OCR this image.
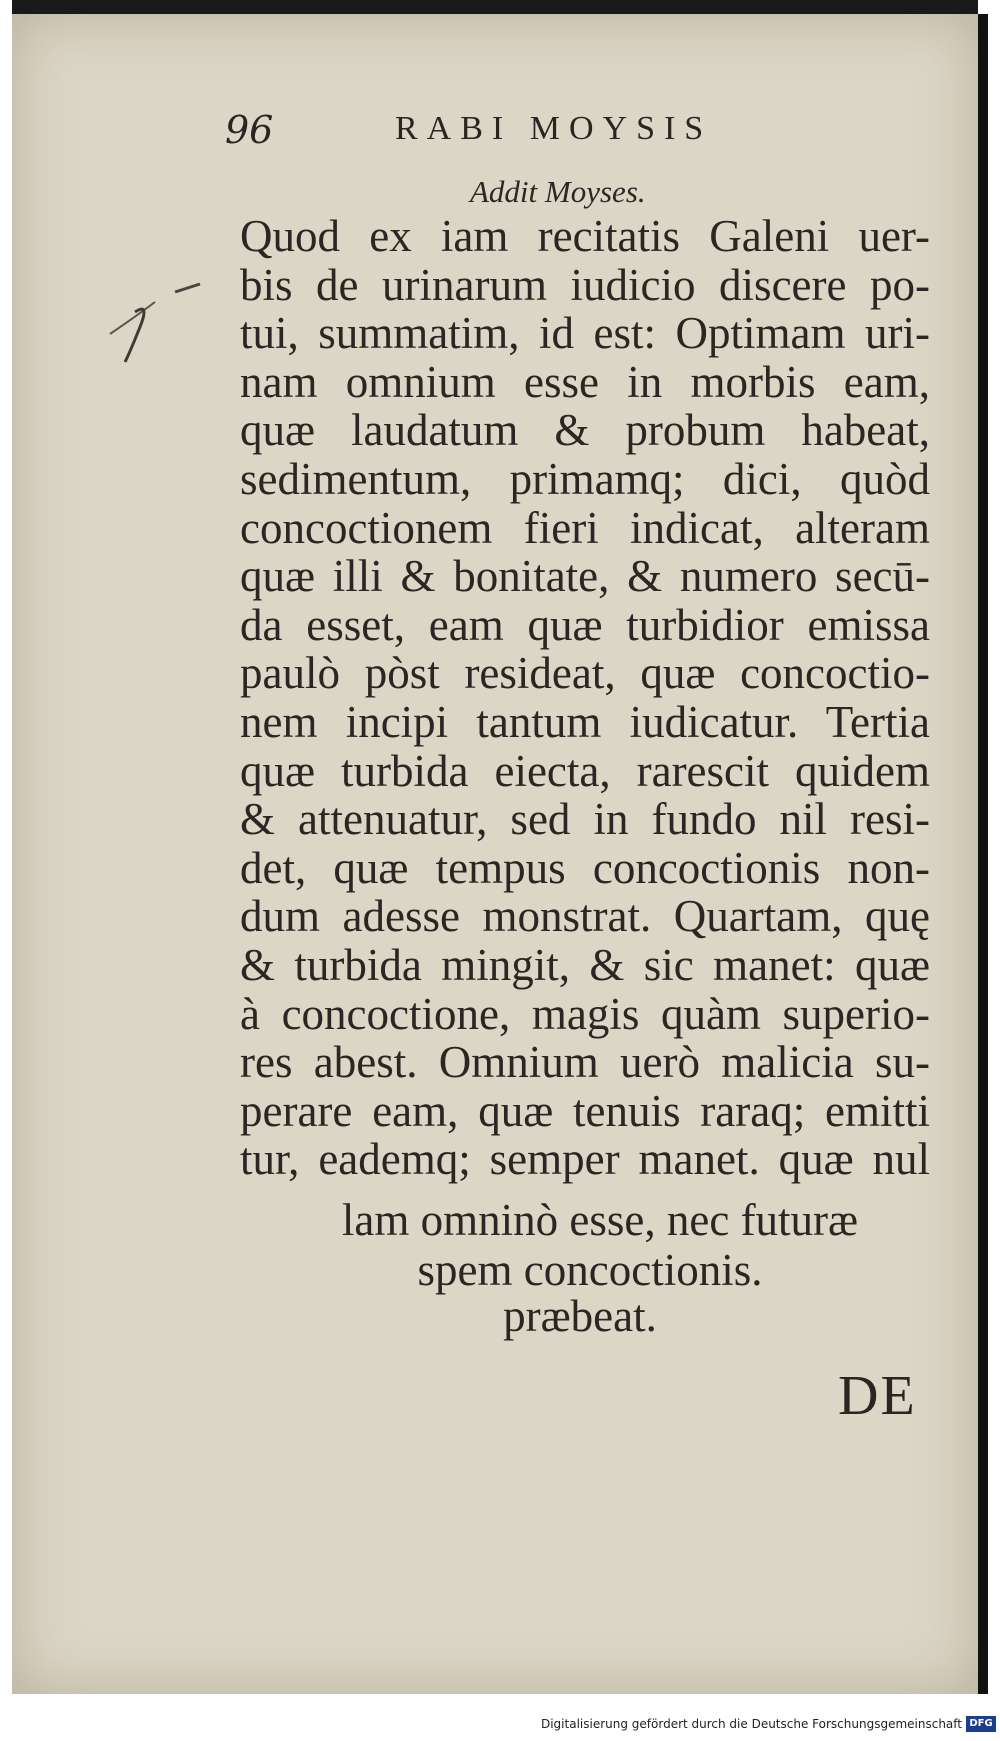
96	RABI MOYSIS
Addit Moyses.
Quod ex iam recitatis Galeni uer-
bis de urinarum iudicio discere po-
tui, summatim, id est: Optimam uri-
nam omnium esse in morbis eam,
quæ laudatum & probum habeat,
sedimentum, primamq; dici, quòd
concoctionem fieri indicat, alteram
quæ illi & bonitate, & numero secū-
da esset, eam quæ turbidior emissa
paulò pòst resideat, quæ concoctio-
nem incipi tantum iudicatur. Tertia
quæ turbida eiecta, rarescit quidem
& attenuatur, sed in fundo nil resi-
det, quæ tempus concoctionis non-
dum adesse monstrat. Quartam, quę
& turbida mingit, & sic manet: quæ
à concoctione, magis quàm superio-
res abest. Omnium uerò malicia su-
perare eam, quæ tenuis raraq; emitti
tur, eademq; semper manet. quæ nul
lam omninò esse, nec futuræ
spem concoctionis.
præbeat.
DE
Digitalisierung gefördert durch die Deutsche Forschungsgemeinschaft DFG
